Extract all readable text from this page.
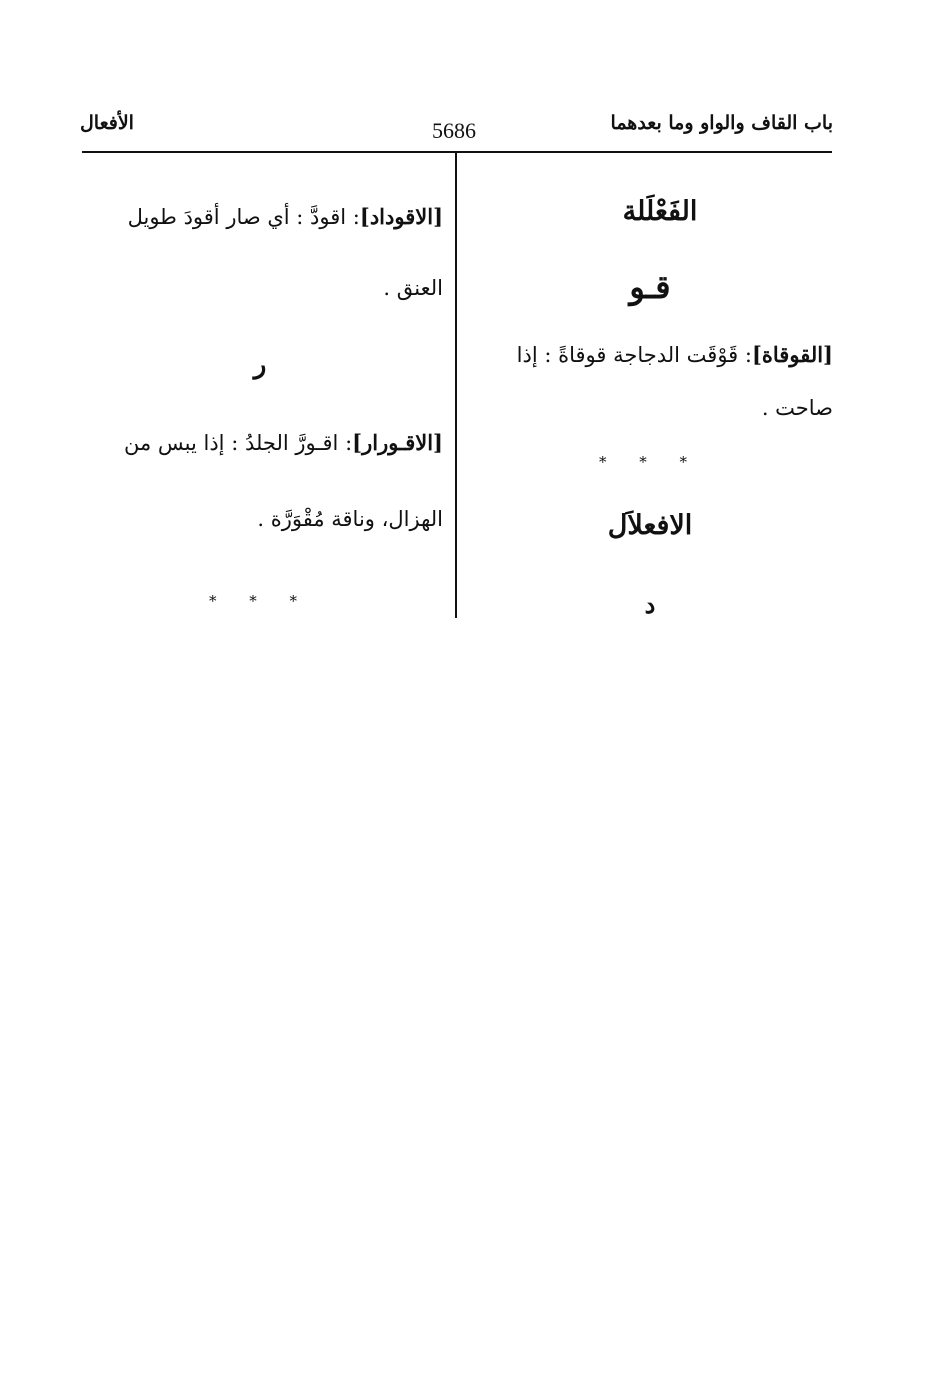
باب القاف والواو وما بعدهما
5686
الأفعال
الفَعْلَلة
قـو
[القوقاة]: قَوْقَت الدجاجة قوقاةً : إذا
صاحت .
* * *
الافعلاَل
د
[الاقوداد]: اقودَّ : أي صار أقودَ طويل
العنق .
ر
[الاقـورار]: اقـورَّ الجلدُ : إذا يبس من
الهزال، وناقة مُقْوَرَّة .
* * *
